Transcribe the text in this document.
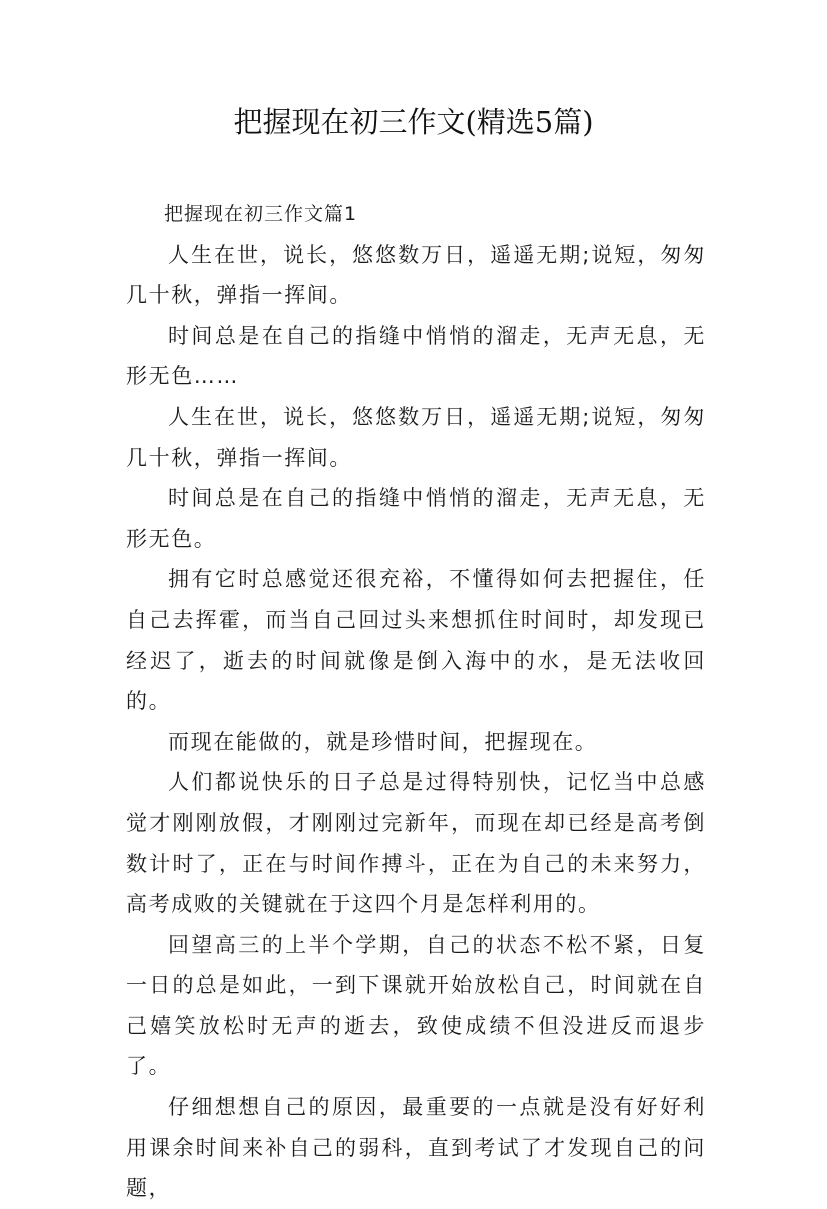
把握现在初三作文(精选5篇)

把握现在初三作文篇1

人生在世，说长，悠悠数万日，遥遥无期;说短，匆匆几十秋，弹指一挥间。

时间总是在自己的指缝中悄悄的溜走，无声无息，无形无色……

人生在世，说长，悠悠数万日，遥遥无期;说短，匆匆几十秋，弹指一挥间。

时间总是在自己的指缝中悄悄的溜走，无声无息，无形无色。

拥有它时总感觉还很充裕，不懂得如何去把握住，任自己去挥霍，而当自己回过头来想抓住时间时，却发现已经迟了，逝去的时间就像是倒入海中的水，是无法收回的。

而现在能做的，就是珍惜时间，把握现在。

人们都说快乐的日子总是过得特别快，记忆当中总感觉才刚刚放假，才刚刚过完新年，而现在却已经是高考倒数计时了，正在与时间作搏斗，正在为自己的未来努力，高考成败的关键就在于这四个月是怎样利用的。

回望高三的上半个学期，自己的状态不松不紧，日复一日的总是如此，一到下课就开始放松自己，时间就在自己嬉笑放松时无声的逝去，致使成绩不但没进反而退步了。

仔细想想自己的原因，最重要的一点就是没有好好利用课余时间来补自己的弱科，直到考试了才发现自己的问题，
